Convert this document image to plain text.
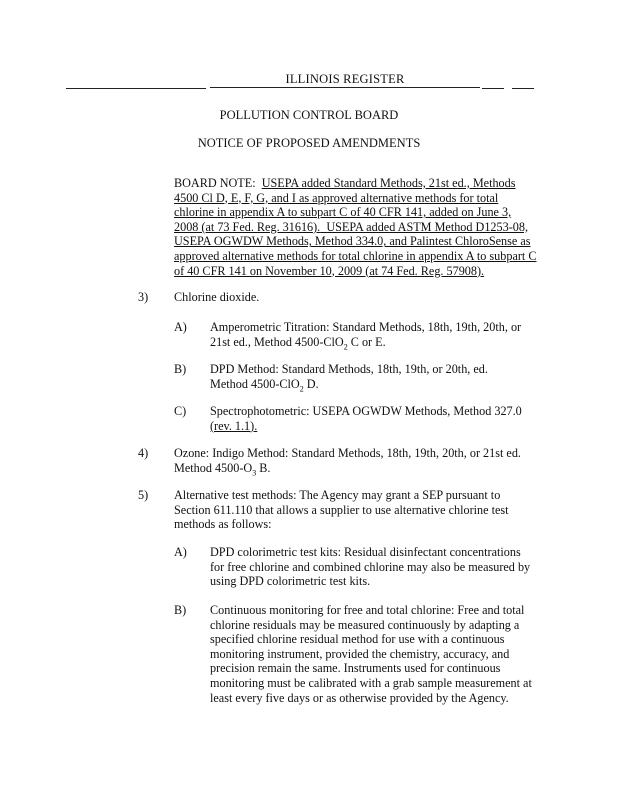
ILLINOIS REGISTER
POLLUTION CONTROL BOARD
NOTICE OF PROPOSED AMENDMENTS
BOARD NOTE: USEPA added Standard Methods, 21st ed., Methods
4500 Cl D, E, F, G, and I as approved alternative methods for total
chlorine in appendix A to subpart C of 40 CFR 141, added on June 3,
2008 (at 73 Fed. Reg. 31616). USEPA added ASTM Method D1253-08,
USEPA OGWDW Methods, Method 334.0, and Palintest ChloroSense as
approved alternative methods for total chlorine in appendix A to subpart C
of 40 CFR 141 on November 10, 2009 (at 74 Fed. Reg. 57908).
3) Chlorine dioxide.
A) Amperometric Titration: Standard Methods, 18th, 19th, 20th, or
21st ed., Method 4500-ClO$_2$ C or E.
B) DPD Method: Standard Methods, 18th, 19th, or 20th, ed.
Method 4500-ClO$_2$ D.
C) Spectrophotometric: USEPA OGWDW Methods, Method 327.0
(rev. 1.1).
4) Ozone: Indigo Method: Standard Methods, 18th, 19th, 20th, or 21st ed.
Method $4500-O_3$ B.
5) Alternative test methods: The Agency may grant a SEP pursuant to
Section 611.110 that allows a supplier to use alternative chlorine test
methods as follows:
A) DPD colorimetric test kits: Residual disinfectant concentrations
for free chlorine and combined chlorine may also be measured by
using DPD colorimetric test kits.
B) Continuous monitoring for free and total chlorine: Free and total
chlorine residuals may be measured continuously by adapting a
specified chlorine residual method for use with a continuous
monitoring instrument, provided the chemistry, accuracy, and
precision remain the same. Instruments used for continuous
monitoring must be calibrated with a grab sample measurement at
least every five days or as otherwise provided by the Agency.
